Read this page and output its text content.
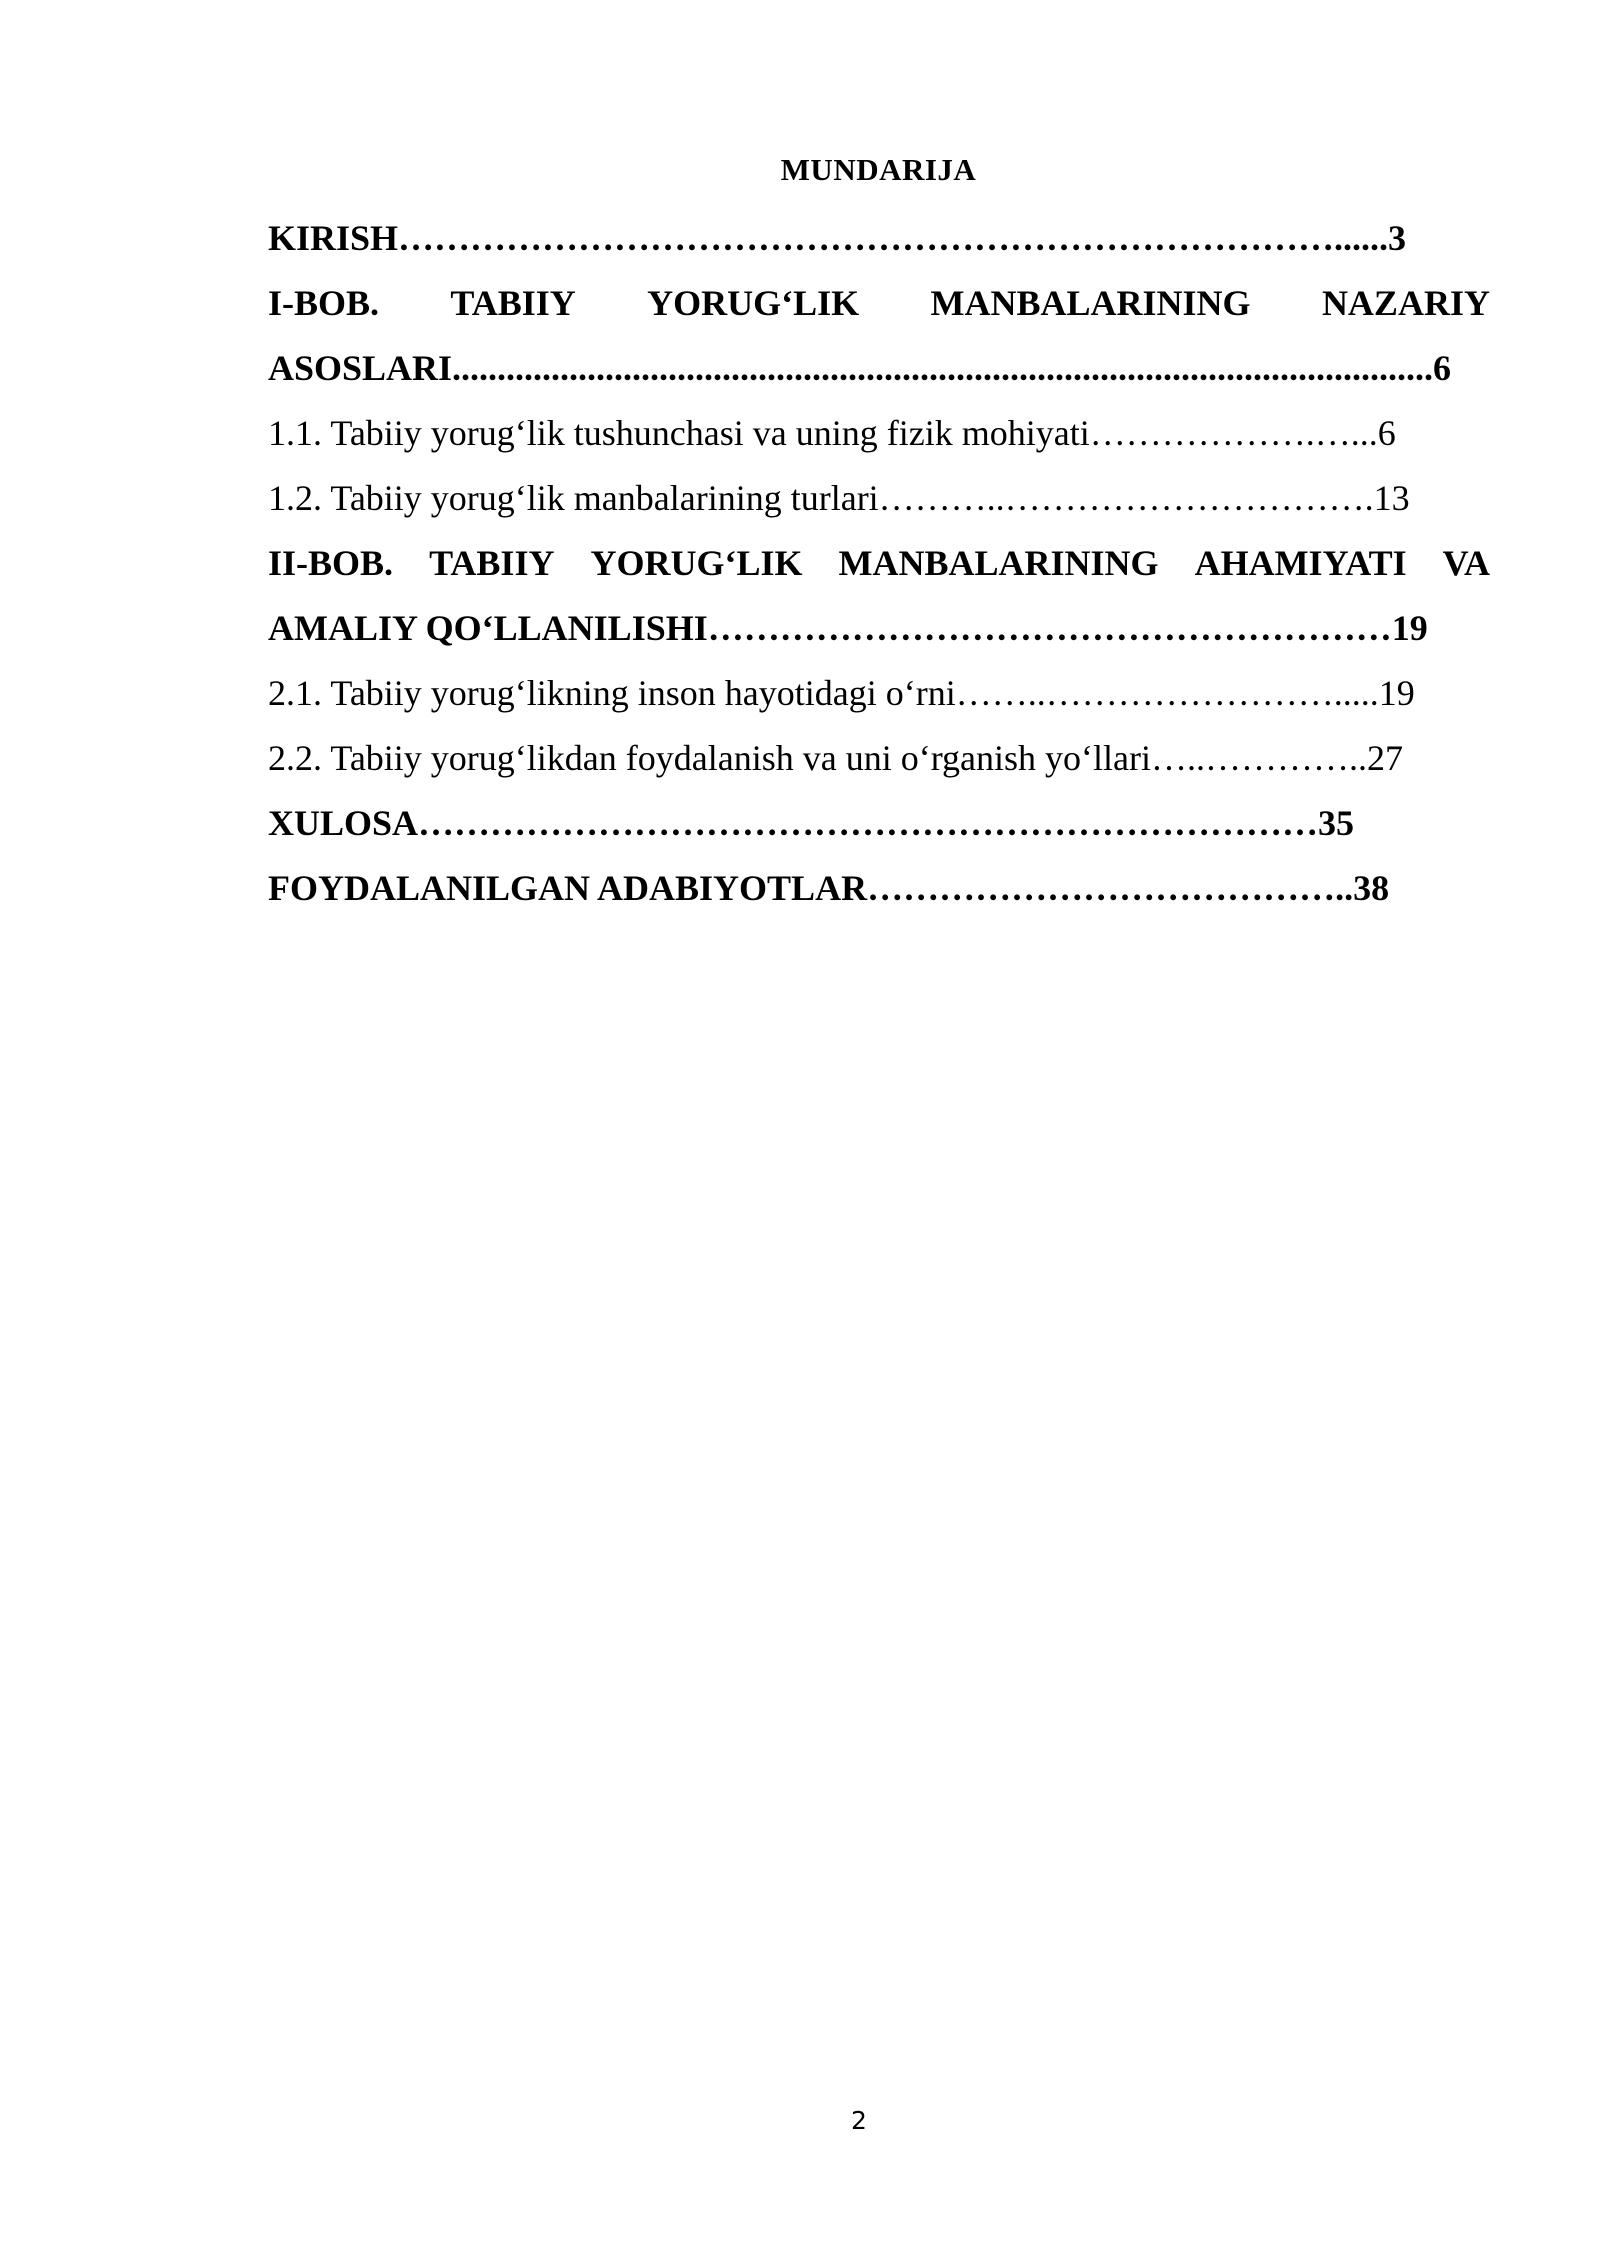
MUNDARIJA
KIRISH……………………………………………………………………......3
I-BOB. TABIIY YORUG‘LIK MANBALARINING NAZARIY
ASOSLARI.............................................................................................................6
1.1. Tabiiy yorug‘lik tushunchasi va uning fizik mohiyati……………….…...6
1.2. Tabiiy yorug‘lik manbalarining turlari………..………………………….13
II-BOB. TABIIY YORUG‘LIK MANBALARINING AHAMIYATI VA
AMALIY QO‘LLANILISHI…………………………………………………19
2.1. Tabiiy yorug‘likning inson hayotidagi o‘rni……..…………………….....19
2.2. Tabiiy yorug‘likdan foydalanish va uni o‘rganish yo‘llari…..…………..27
XULOSA…………………………………………………………………35
FOYDALANILGAN ADABIYOTLAR…………………………………..38
2
